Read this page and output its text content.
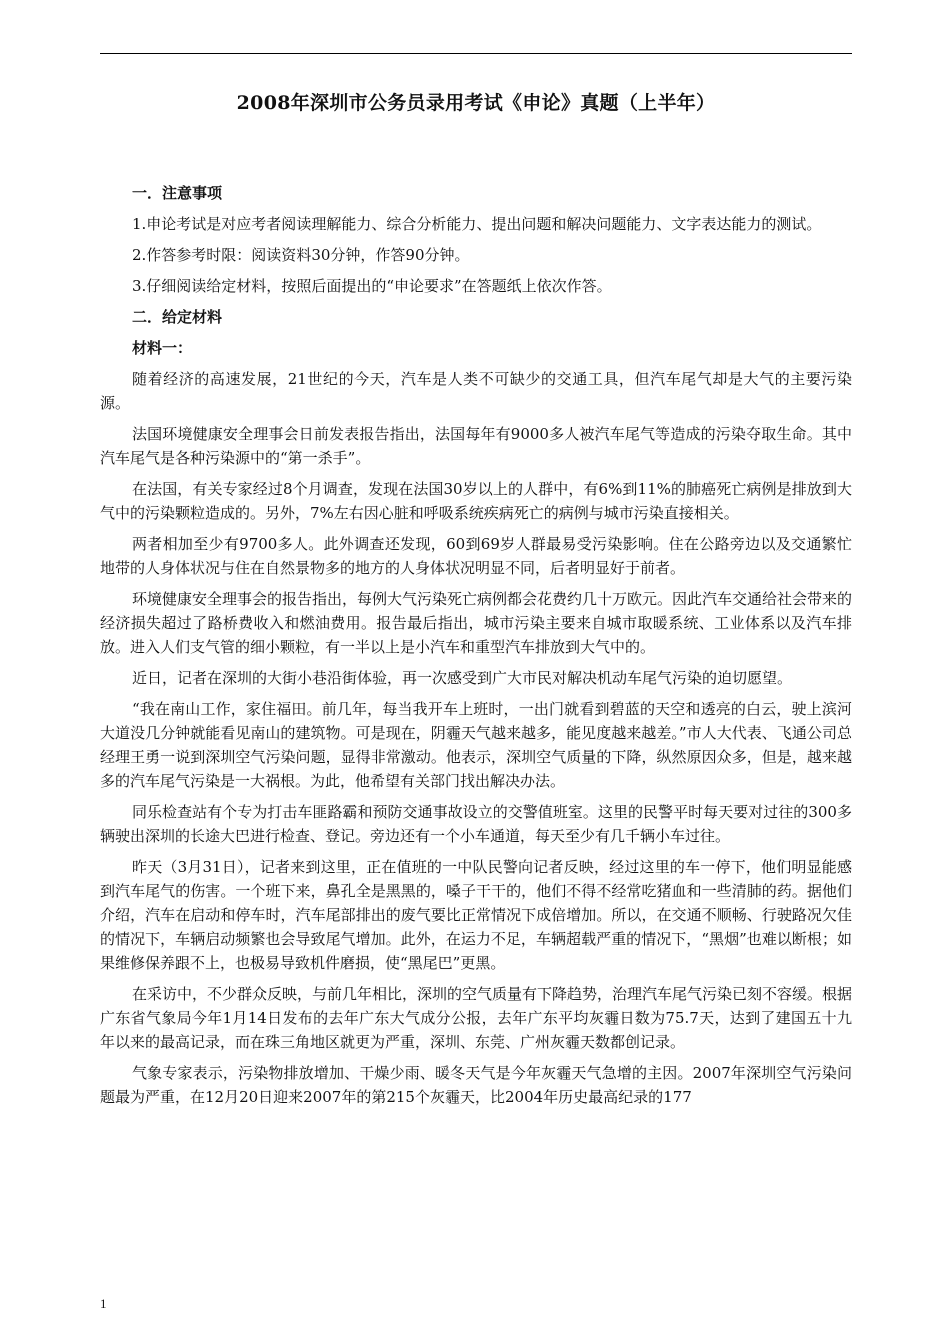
2008年深圳市公务员录用考试《申论》真题（上半年）

一．注意事项

1.申论考试是对应考者阅读理解能力、综合分析能力、提出问题和解决问题能力、文字表达能力的测试。

2.作答参考时限：阅读资料30分钟，作答90分钟。

3.仔细阅读给定材料，按照后面提出的“申论要求”在答题纸上依次作答。

二．给定材料

材料一：

随着经济的高速发展，21世纪的今天，汽车是人类不可缺少的交通工具，但汽车尾气却是大气的主要污染源。

法国环境健康安全理事会日前发表报告指出，法国每年有9000多人被汽车尾气等造成的污染夺取生命。其中汽车尾气是各种污染源中的“第一杀手”。

在法国，有关专家经过8个月调查，发现在法国30岁以上的人群中，有6%到11%的肺癌死亡病例是排放到大气中的污染颗粒造成的。另外，7%左右因心脏和呼吸系统疾病死亡的病例与城市污染直接相关。

两者相加至少有9700多人。此外调查还发现，60到69岁人群最易受污染影响。住在公路旁边以及交通繁忙地带的人身体状况与住在自然景物多的地方的人身体状况明显不同，后者明显好于前者。

环境健康安全理事会的报告指出，每例大气污染死亡病例都会花费约几十万欧元。因此汽车交通给社会带来的经济损失超过了路桥费收入和燃油费用。报告最后指出，城市污染主要来自城市取暖系统、工业体系以及汽车排放。进入人们支气管的细小颗粒，有一半以上是小汽车和重型汽车排放到大气中的。

近日，记者在深圳的大街小巷沿街体验，再一次感受到广大市民对解决机动车尾气污染的迫切愿望。

“我在南山工作，家住福田。前几年，每当我开车上班时，一出门就看到碧蓝的天空和透亮的白云，驶上滨河大道没几分钟就能看见南山的建筑物。可是现在，阴霾天气越来越多，能见度越来越差。”市人大代表、飞通公司总经理王勇一说到深圳空气污染问题，显得非常激动。他表示，深圳空气质量的下降，纵然原因众多，但是，越来越多的汽车尾气污染是一大祸根。为此，他希望有关部门找出解决办法。

同乐检查站有个专为打击车匪路霸和预防交通事故设立的交警值班室。这里的民警平时每天要对过往的300多辆驶出深圳的长途大巴进行检查、登记。旁边还有一个小车通道，每天至少有几千辆小车过往。

昨天（3月31日），记者来到这里，正在值班的一中队民警向记者反映，经过这里的车一停下，他们明显能感到汽车尾气的伤害。一个班下来，鼻孔全是黑黑的，嗓子干干的，他们不得不经常吃猪血和一些清肺的药。据他们介绍，汽车在启动和停车时，汽车尾部排出的废气要比正常情况下成倍增加。所以，在交通不顺畅、行驶路况欠佳的情况下，车辆启动频繁也会导致尾气增加。此外，在运力不足，车辆超载严重的情况下，“黑烟”也难以断根；如果维修保养跟不上，也极易导致机件磨损，使“黑尾巴”更黑。

在采访中，不少群众反映，与前几年相比，深圳的空气质量有下降趋势，治理汽车尾气污染已刻不容缓。根据广东省气象局今年1月14日发布的去年广东大气成分公报，去年广东平均灰霾日数为75.7天，达到了建国五十九年以来的最高记录，而在珠三角地区就更为严重，深圳、东莞、广州灰霾天数都创记录。

气象专家表示，污染物排放增加、干燥少雨、暖冬天气是今年灰霾天气急增的主因。2007年深圳空气污染问题最为严重，在12月20日迎来2007年的第215个灰霾天，比2004年历史最高纪录的177

1
